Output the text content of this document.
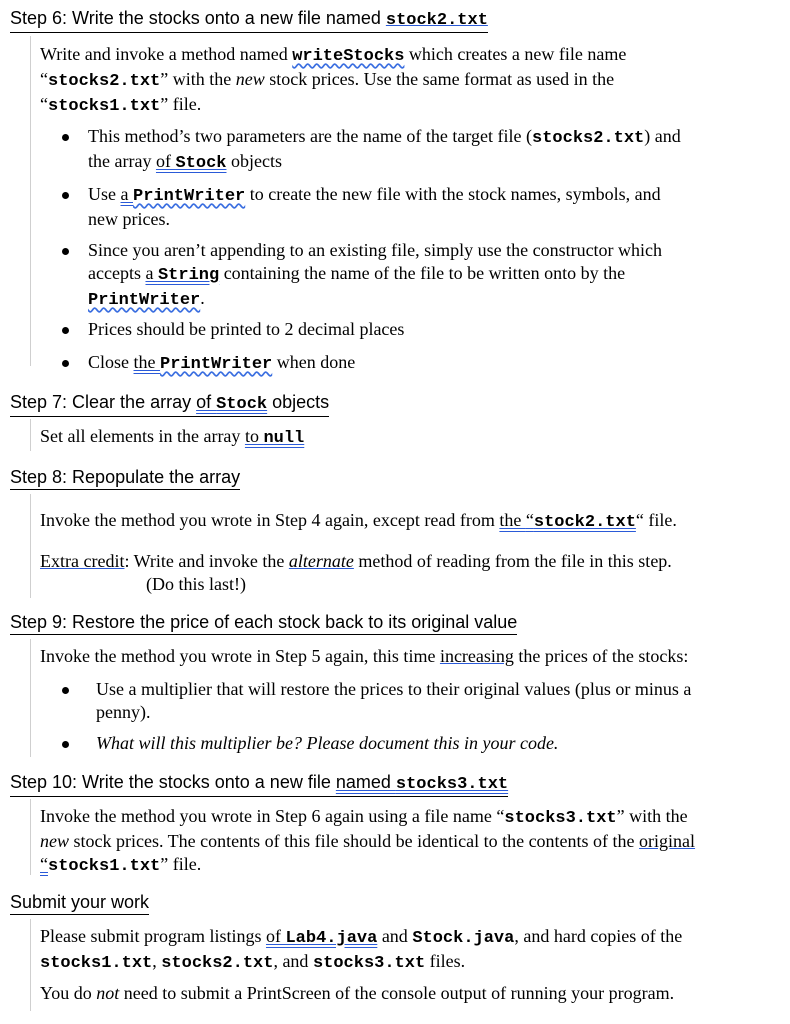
Step 6: Write the stocks onto a new file named stock2.txt
Write and invoke a method named writeStocks which creates a new file name
“stocks2.txt” with the new stock prices. Use the same format as used in the
“stocks1.txt” file.
This method’s two parameters are the name of the target file (stocks2.txt) and
the array of Stock objects
Use a PrintWriter to create the new file with the stock names, symbols, and
new prices.
Since you aren’t appending to an existing file, simply use the constructor which
accepts a String containing the name of the file to be written onto by the
PrintWriter.
Prices should be printed to 2 decimal places
Close the PrintWriter when done
Step 7: Clear the array of Stock objects
Set all elements in the array to null
Step 8: Repopulate the array
Invoke the method you wrote in Step 4 again, except read from the “stock2.txt“ file.
Extra credit: Write and invoke the alternate method of reading from the file in this step.
(Do this last!)
Step 9: Restore the price of each stock back to its original value
Invoke the method you wrote in Step 5 again, this time increasing the prices of the stocks:
Use a multiplier that will restore the prices to their original values (plus or minus a
penny).
What will this multiplier be? Please document this in your code.
Step 10: Write the stocks onto a new file named stocks3.txt
Invoke the method you wrote in Step 6 again using a file name “stocks3.txt” with the
new stock prices. The contents of this file should be identical to the contents of the original
“stocks1.txt” file.
Submit your work
Please submit program listings of Lab4.java and Stock.java, and hard copies of the
stocks1.txt, stocks2.txt, and stocks3.txt files.
You do not need to submit a PrintScreen of the console output of running your program.
